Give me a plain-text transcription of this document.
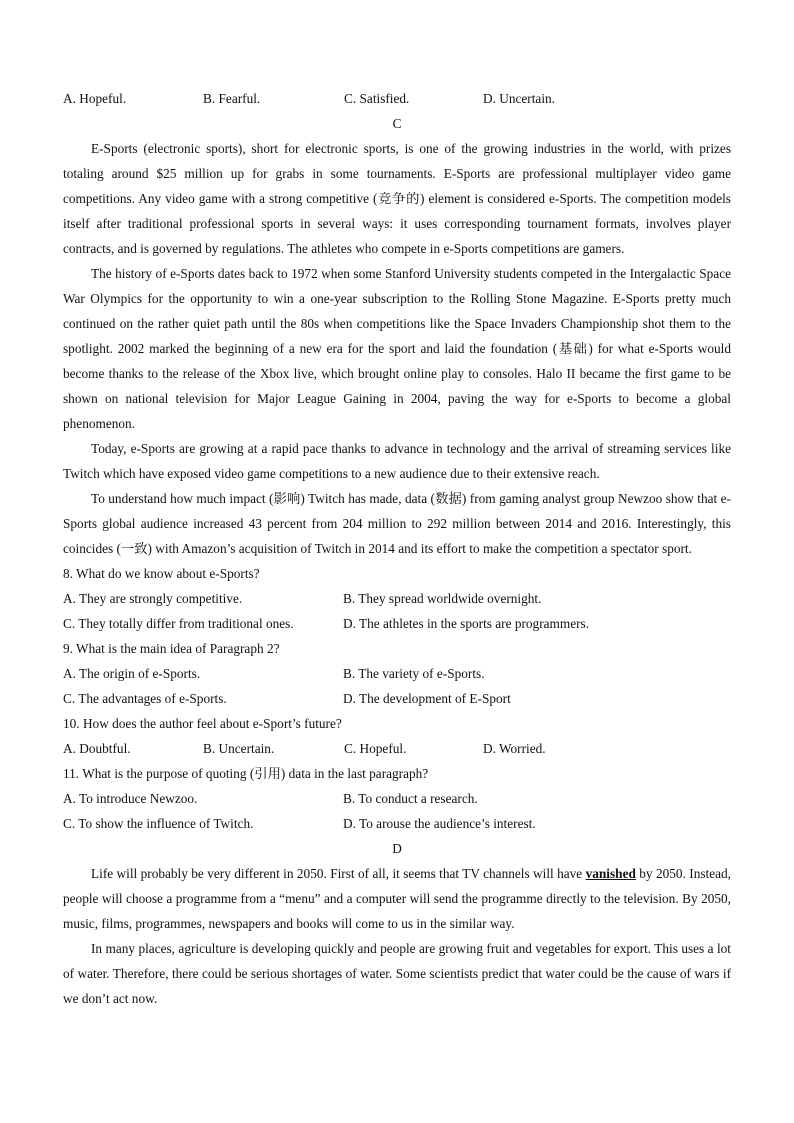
A. Hopeful.	B. Fearful.	C. Satisfied.	D. Uncertain.
C

E-Sports (electronic sports), short for electronic sports, is one of the growing industries in the world, with prizes totaling around $25 million up for grabs in some tournaments. E-Sports are professional multiplayer video game competitions. Any video game with a strong competitive (竞争的) element is considered e-Sports. The competition models itself after traditional professional sports in several ways: it uses corresponding tournament formats, involves player contracts, and is governed by regulations. The athletes who compete in e-Sports competitions are gamers.

The history of e-Sports dates back to 1972 when some Stanford University students competed in the Intergalactic Space War Olympics for the opportunity to win a one-year subscription to the Rolling Stone Magazine. E-Sports pretty much continued on the rather quiet path until the 80s when competitions like the Space Invaders Championship shot them to the spotlight. 2002 marked the beginning of a new era for the sport and laid the foundation (基础) for what e-Sports would become thanks to the release of the Xbox live, which brought online play to consoles. Halo II became the first game to be shown on national television for Major League Gaining in 2004, paving the way for e-Sports to become a global phenomenon.

Today, e-Sports are growing at a rapid pace thanks to advance in technology and the arrival of streaming services like Twitch which have exposed video game competitions to a new audience due to their extensive reach.

To understand how much impact (影响) Twitch has made, data (数据) from gaming analyst group Newzoo show that e-Sports global audience increased 43 percent from 204 million to 292 million between 2014 and 2016. Interestingly, this coincides (一致) with Amazon’s acquisition of Twitch in 2014 and its effort to make the competition a spectator sport.

8. What do we know about e-Sports?
A. They are strongly competitive.	B. They spread worldwide overnight.
C. They totally differ from traditional ones.	D. The athletes in the sports are programmers.
9. What is the main idea of Paragraph 2?
A. The origin of e-Sports.	B. The variety of e-Sports.
C. The advantages of e-Sports.	D. The development of E-Sport
10. How does the author feel about e-Sport’s future?
A. Doubtful.	B. Uncertain.	C. Hopeful.	D. Worried.
11. What is the purpose of quoting (引用) data in the last paragraph?
A. To introduce Newzoo.	B. To conduct a research.
C. To show the influence of Twitch.	D. To arouse the audience’s interest.
D

Life will probably be very different in 2050. First of all, it seems that TV channels will have vanished by 2050. Instead, people will choose a programme from a “menu” and a computer will send the programme directly to the television. By 2050, music, films, programmes, newspapers and books will come to us in the similar way.

In many places, agriculture is developing quickly and people are growing fruit and vegetables for export. This uses a lot of water. Therefore, there could be serious shortages of water. Some scientists predict that water could be the cause of wars if we don’t act now.
